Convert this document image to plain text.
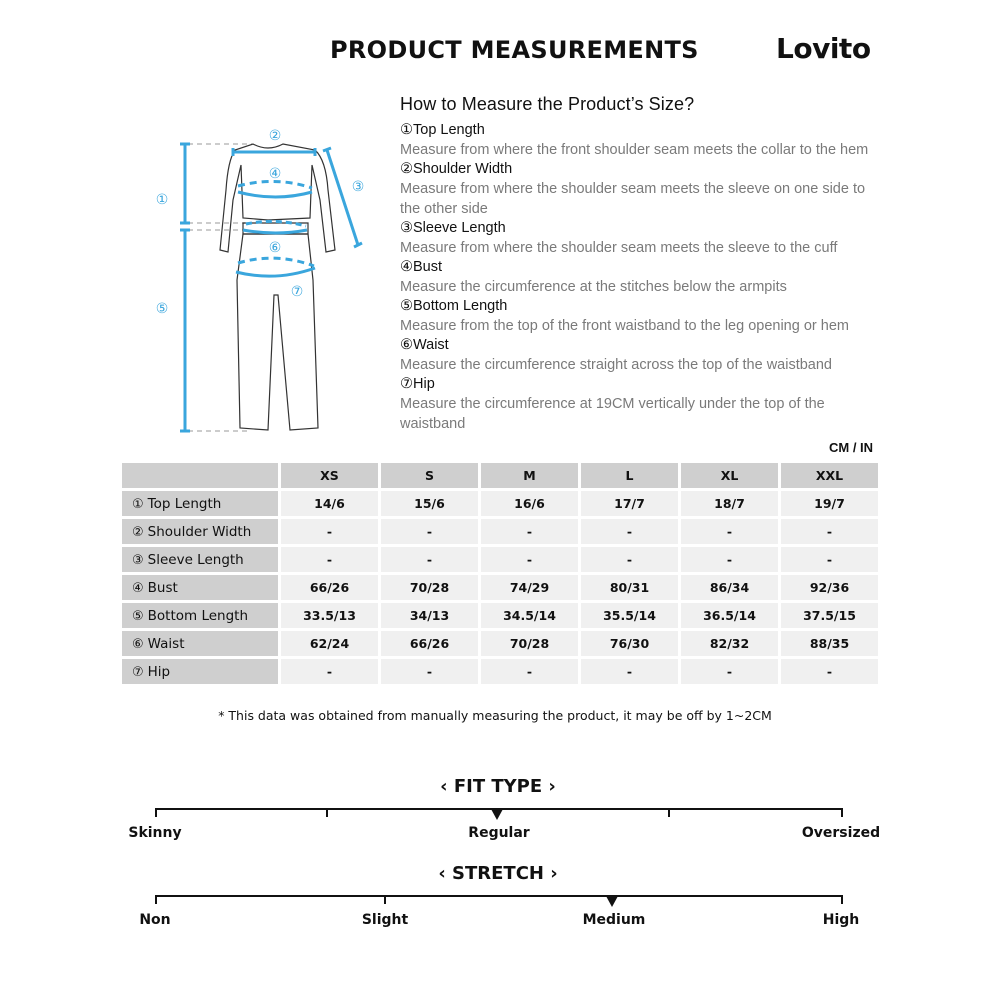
PRODUCT MEASUREMENTS	Lovito
①
②
③
④
⑤
⑥
⑦
How to Measure the Product’s Size?
①Top Length
Measure from where the front shoulder seam meets the collar to the hem
②Shoulder Width
Measure from where the shoulder seam meets the sleeve on one side to the other side
③Sleeve Length
Measure from where the shoulder seam meets the sleeve to the cuff
④Bust
Measure the circumference at the stitches below the armpits
⑤Bottom Length
Measure from the top of the front waistband to the leg opening or hem
⑥Waist
Measure the circumference straight across the top of the waistband
⑦Hip
Measure the circumference at 19CM vertically under the top of the waistband
CM / IN
	XS	S	M	L	XL	XXL
① Top Length	14/6	15/6	16/6	17/7	18/7	19/7
② Shoulder Width	-	-	-	-	-	-
③ Sleeve Length	-	-	-	-	-	-
④ Bust	66/26	70/28	74/29	80/31	86/34	92/36
⑤ Bottom Length	33.5/13	34/13	34.5/14	35.5/14	36.5/14	37.5/15
⑥ Waist	62/24	66/26	70/28	76/30	82/32	88/35
⑦ Hip	-	-	-	-	-	-
* This data was obtained from manually measuring the product, it may be off by 1~2CM
‹ FIT TYPE ›
Skinny	Regular	Oversized
‹ STRETCH ›
Non	Slight	Medium	High
